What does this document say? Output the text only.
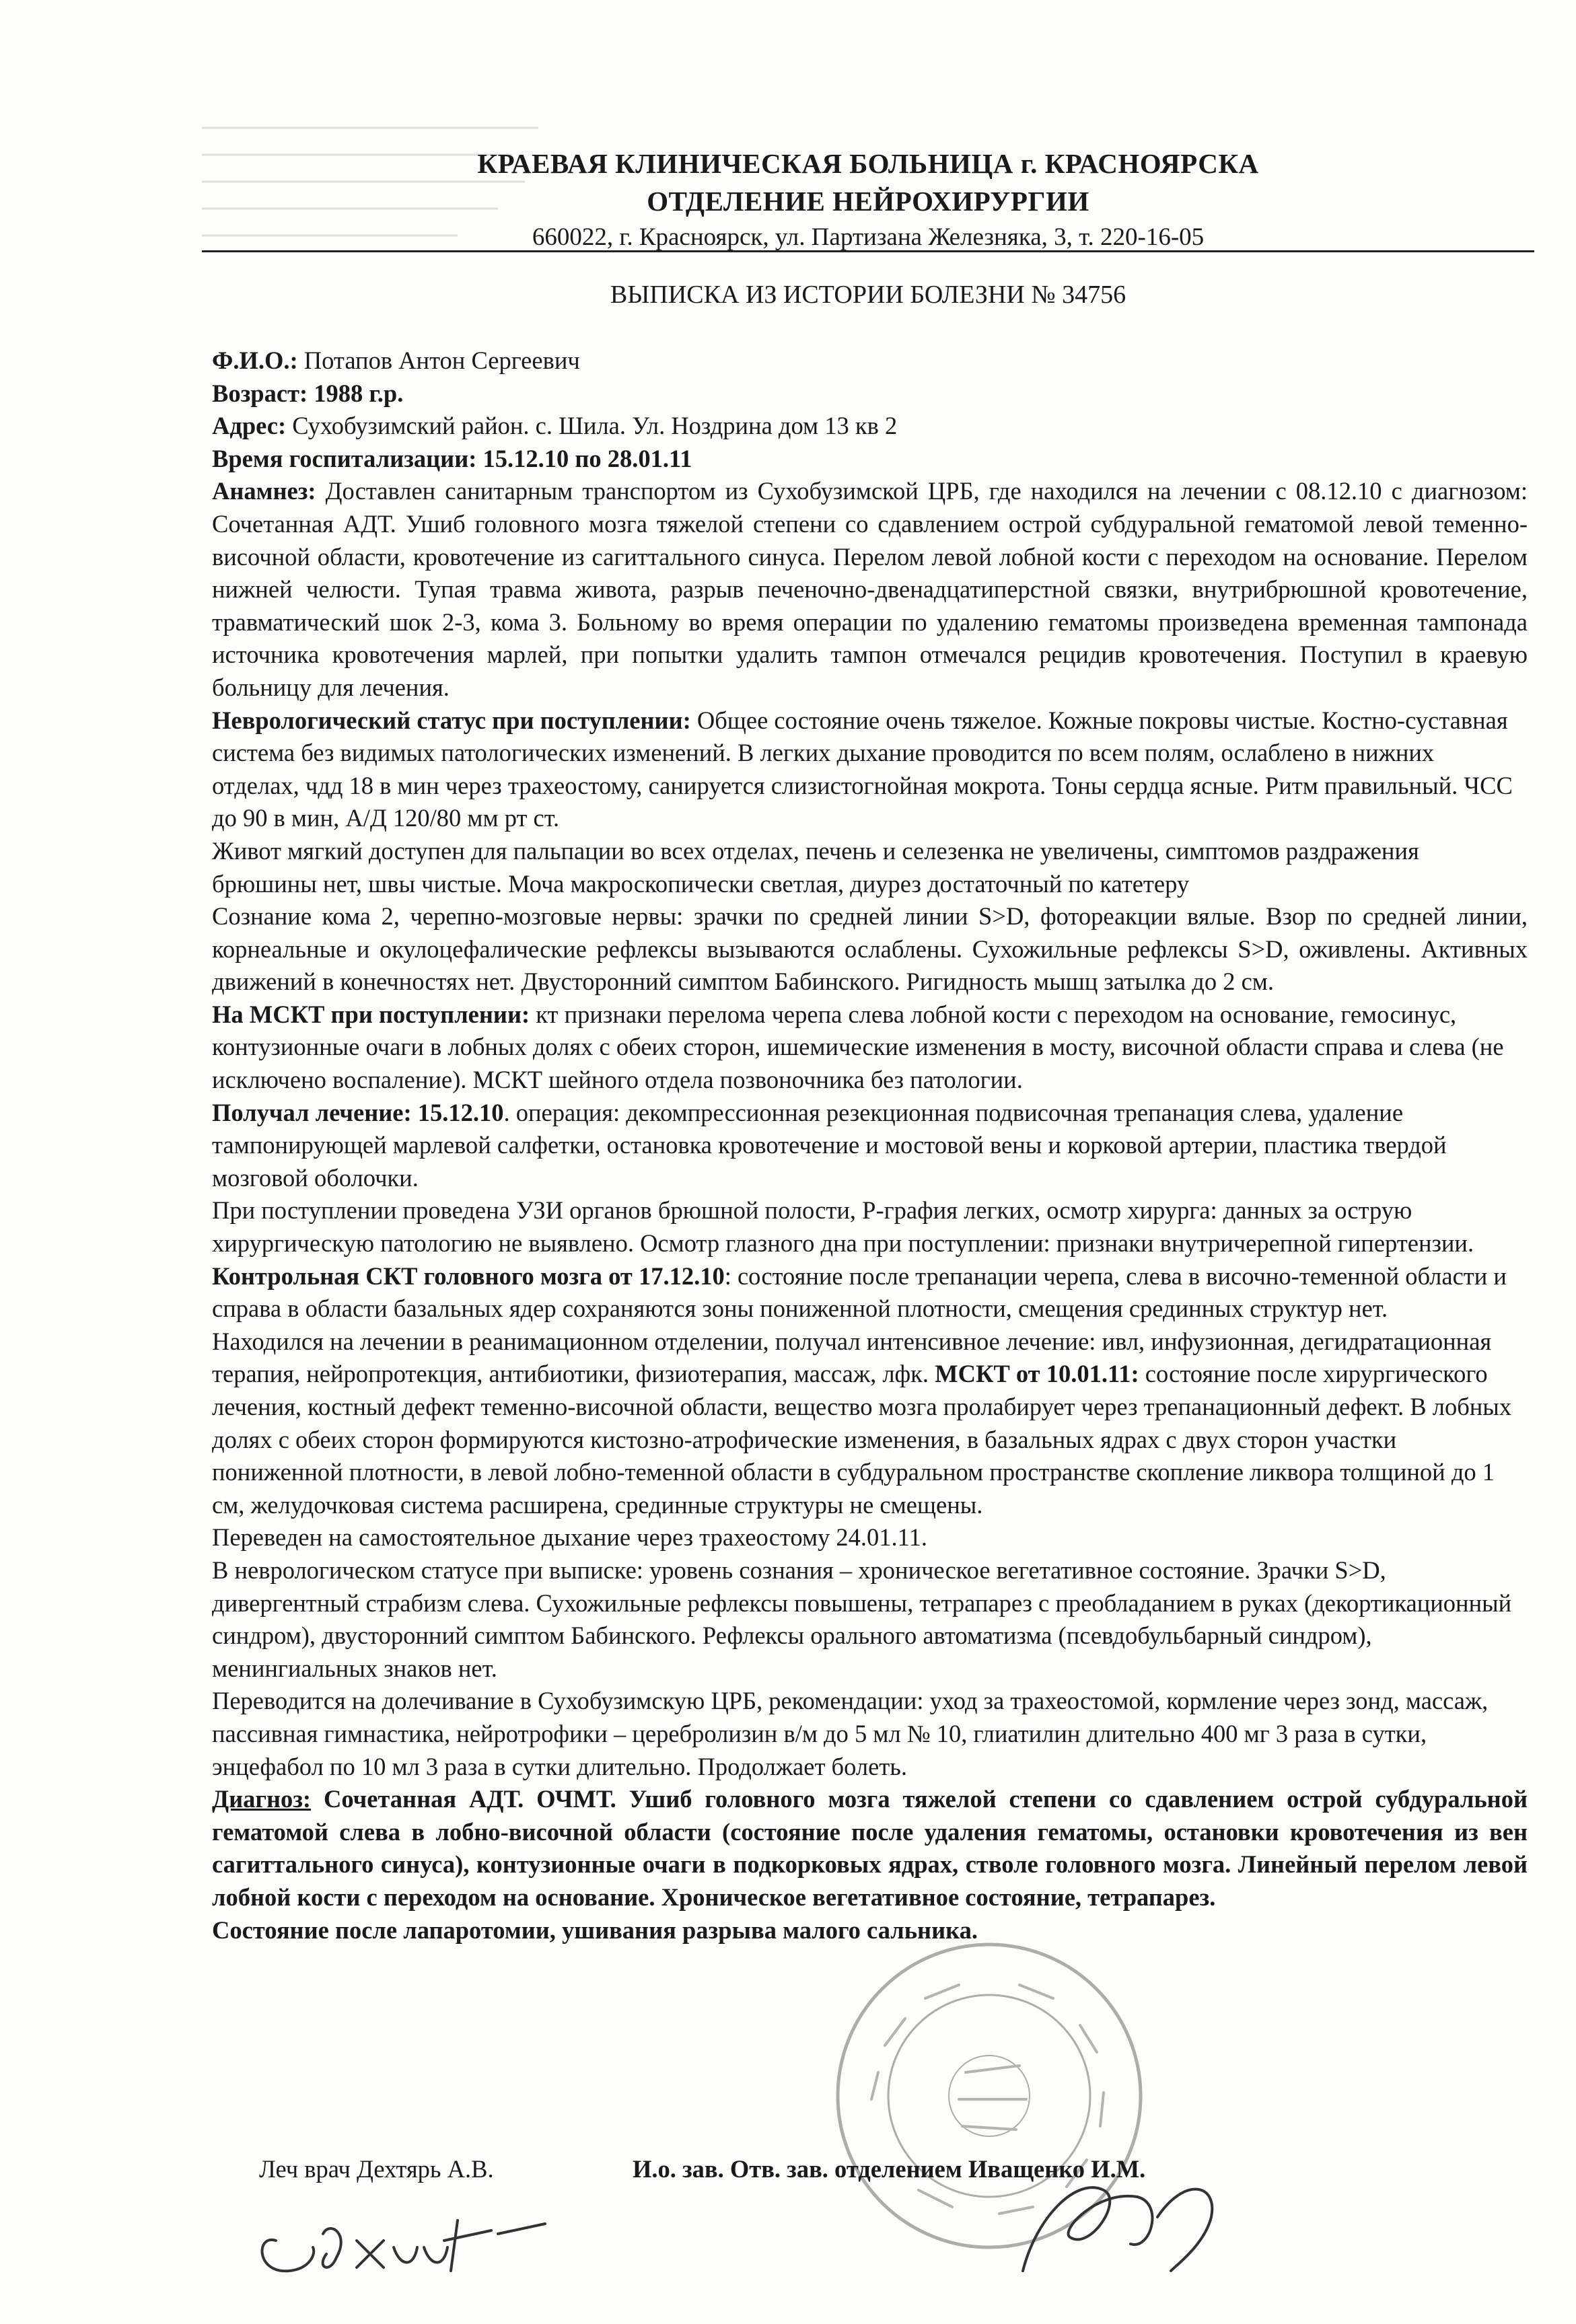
КРАЕВАЯ КЛИНИЧЕСКАЯ БОЛЬНИЦА г. КРАСНОЯРСКА
ОТДЕЛЕНИЕ НЕЙРОХИРУРГИИ
660022, г. Красноярск, ул. Партизана Железняка, 3, т. 220-16-05
ВЫПИСКА ИЗ ИСТОРИИ БОЛЕЗНИ № 34756

Ф.И.О.: Потапов Антон Сергеевич

Возраст: 1988 г.р.

Адрес: Сухобузимский район. с. Шила. Ул. Ноздрина дом 13 кв 2

Время госпитализации: 15.12.10 по 28.01.11

Анамнез: Доставлен санитарным транспортом из Сухобузимской ЦРБ, где находился на лечении с 08.12.10 с диагнозом: Сочетанная АДТ. Ушиб головного мозга тяжелой степени со сдавлением острой субдуральной гематомой левой теменно-височной области, кровотечение из сагиттального синуса. Перелом левой лобной кости с переходом на основание. Перелом нижней челюсти. Тупая травма живота, разрыв печеночно-двенадцатиперстной связки, внутрибрюшной кровотечение, травматический шок 2-3, кома 3. Больному во время операции по удалению гематомы произведена временная тампонада источника кровотечения марлей, при попытки удалить тампон отмечался рецидив кровотечения. Поступил в краевую больницу для лечения.

Неврологический статус при поступлении: Общее состояние очень тяжелое. Кожные покровы чистые. Костно-суставная система без видимых патологических изменений. В легких дыхание проводится по всем полям, ослаблено в нижних отделах, чдд 18 в мин через трахеостому, санируется слизистогнойная мокрота. Тоны сердца ясные. Ритм правильный. ЧСС до 90 в мин, А/Д 120/80 мм рт ст.

Живот мягкий доступен для пальпации во всех отделах, печень и селезенка не увеличены, симптомов раздражения брюшины нет, швы чистые. Моча макроскопически светлая, диурез достаточный по катетеру

Сознание кома 2, черепно-мозговые нервы: зрачки по средней линии S>D, фотореакции вялые. Взор по средней линии, корнеальные и окулоцефалические рефлексы вызываются ослаблены. Сухожильные рефлексы S>D, оживлены. Активных движений в конечностях нет. Двусторонний симптом Бабинского. Ригидность мышц затылка до 2 см.

На МСКТ при поступлении: кт признаки перелома черепа слева лобной кости с переходом на основание, гемосинус, контузионные очаги в лобных долях с обеих сторон, ишемические изменения в мосту, височной области справа и слева (не исключено воспаление). МСКТ шейного отдела позвоночника без патологии.

Получал лечение: 15.12.10. операция: декомпрессионная резекционная подвисочная трепанация слева, удаление тампонирующей марлевой салфетки, остановка кровотечение и мостовой вены и корковой артерии, пластика твердой мозговой оболочки.

При поступлении проведена УЗИ органов брюшной полости, Р-графия легких, осмотр хирурга: данных за острую хирургическую патологию не выявлено. Осмотр глазного дна при поступлении: признаки внутричерепной гипертензии.

Контрольная СКТ головного мозга от 17.12.10: состояние после трепанации черепа, слева в височно-теменной области и справа в области базальных ядер сохраняются зоны пониженной плотности, смещения срединных структур нет.

Находился на лечении в реанимационном отделении, получал интенсивное лечение: ивл, инфузионная, дегидратационная терапия, нейропротекция, антибиотики, физиотерапия, массаж, лфк. МСКТ от 10.01.11: состояние после хирургического лечения, костный дефект теменно-височной области, вещество мозга пролабирует через трепанационный дефект. В лобных долях с обеих сторон формируются кистозно-атрофические изменения, в базальных ядрах с двух сторон участки пониженной плотности, в левой лобно-теменной области в субдуральном пространстве скопление ликвора толщиной до 1 см, желудочковая система расширена, срединные структуры не смещены.

Переведен на самостоятельное дыхание через трахеостому 24.01.11.

В неврологическом статусе при выписке: уровень сознания – хроническое вегетативное состояние. Зрачки S>D, дивергентный страбизм слева. Сухожильные рефлексы повышены, тетрапарез с преобладанием в руках (декортикационный синдром), двусторонний симптом Бабинского. Рефлексы орального автоматизма (псевдобульбарный синдром), менингиальных знаков нет.

Переводится на долечивание в Сухобузимскую ЦРБ, рекомендации: уход за трахеостомой, кормление через зонд, массаж, пассивная гимнастика, нейротрофики – церебролизин в/м до 5 мл № 10, глиатилин длительно 400 мг 3 раза в сутки, энцефабол по 10 мл 3 раза в сутки длительно. Продолжает болеть.

Диагноз: Сочетанная АДТ. ОЧМТ. Ушиб головного мозга тяжелой степени со сдавлением острой субдуральной гематомой слева в лобно-височной области (состояние после удаления гематомы, остановки кровотечения из вен сагиттального синуса), контузионные очаги в подкорковых ядрах, стволе головного мозга. Линейный перелом левой лобной кости с переходом на основание. Хроническое вегетативное состояние, тетрапарез.

Состояние после лапаротомии, ушивания разрыва малого сальника.

Леч врач Дехтярь А.В.	И.о. зав. Отв. зав. отделением Иващенко И.М.
